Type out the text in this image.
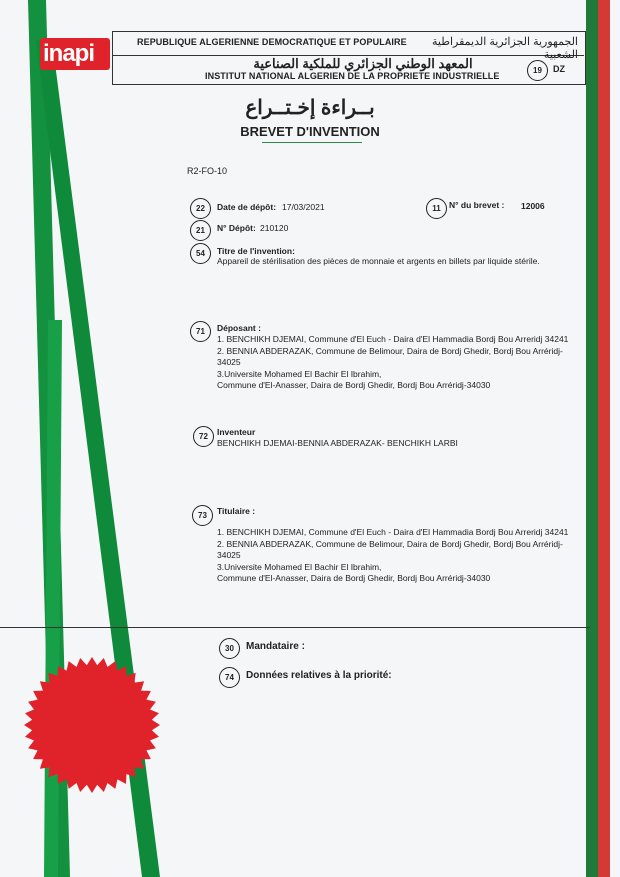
inapi	REPUBLIQUE ALGERIENNE DEMOCRATIQUE ET POPULAIRE	الجمهورية الجزائرية الديمقراطية الشعبية
المعهد الوطني الجزائري للملكية الصناعية
INSTITUT NATIONAL ALGERIEN DE LA PROPRIETE INDUSTRIELLE
19	DZ
بــراءة إخـتــراع
BREVET D'INVENTION
R2-FO-10
22	Date de dépôt: 17/03/2021	11 N° du brevet : 12006
21	N° Dépôt: 210120
54	Titre de l'invention:
Appareil de stérilisation des pièces de monnaie et argents en billets par liquide stérile.
71	Déposant :
1. BENCHIKH DJEMAI, Commune d'El Euch - Daira d'El Hammadia Bordj Bou Arreridj 34241
2. BENNIA ABDERAZAK, Commune de Belimour, Daira de Bordj Ghedir, Bordj Bou Arréridj-
34025
3.Universite Mohamed El Bachir El Ibrahim,
Commune d'El-Anasser, Daira de Bordj Ghedir, Bordj Bou Arréridj-34030
72	Inventeur
BENCHIKH DJEMAI-BENNIA ABDERAZAK- BENCHIKH LARBI
73	Titulaire :
1. BENCHIKH DJEMAI, Commune d'El Euch - Daira d'El Hammadia Bordj Bou Arreridj 34241
2. BENNIA ABDERAZAK, Commune de Belimour, Daira de Bordj Ghedir, Bordj Bou Arréridj-
34025
3.Universite Mohamed El Bachir El Ibrahim,
Commune d'El-Anasser, Daira de Bordj Ghedir, Bordj Bou Arréridj-34030
30	Mandataire :
74	Données relatives à la priorité:
